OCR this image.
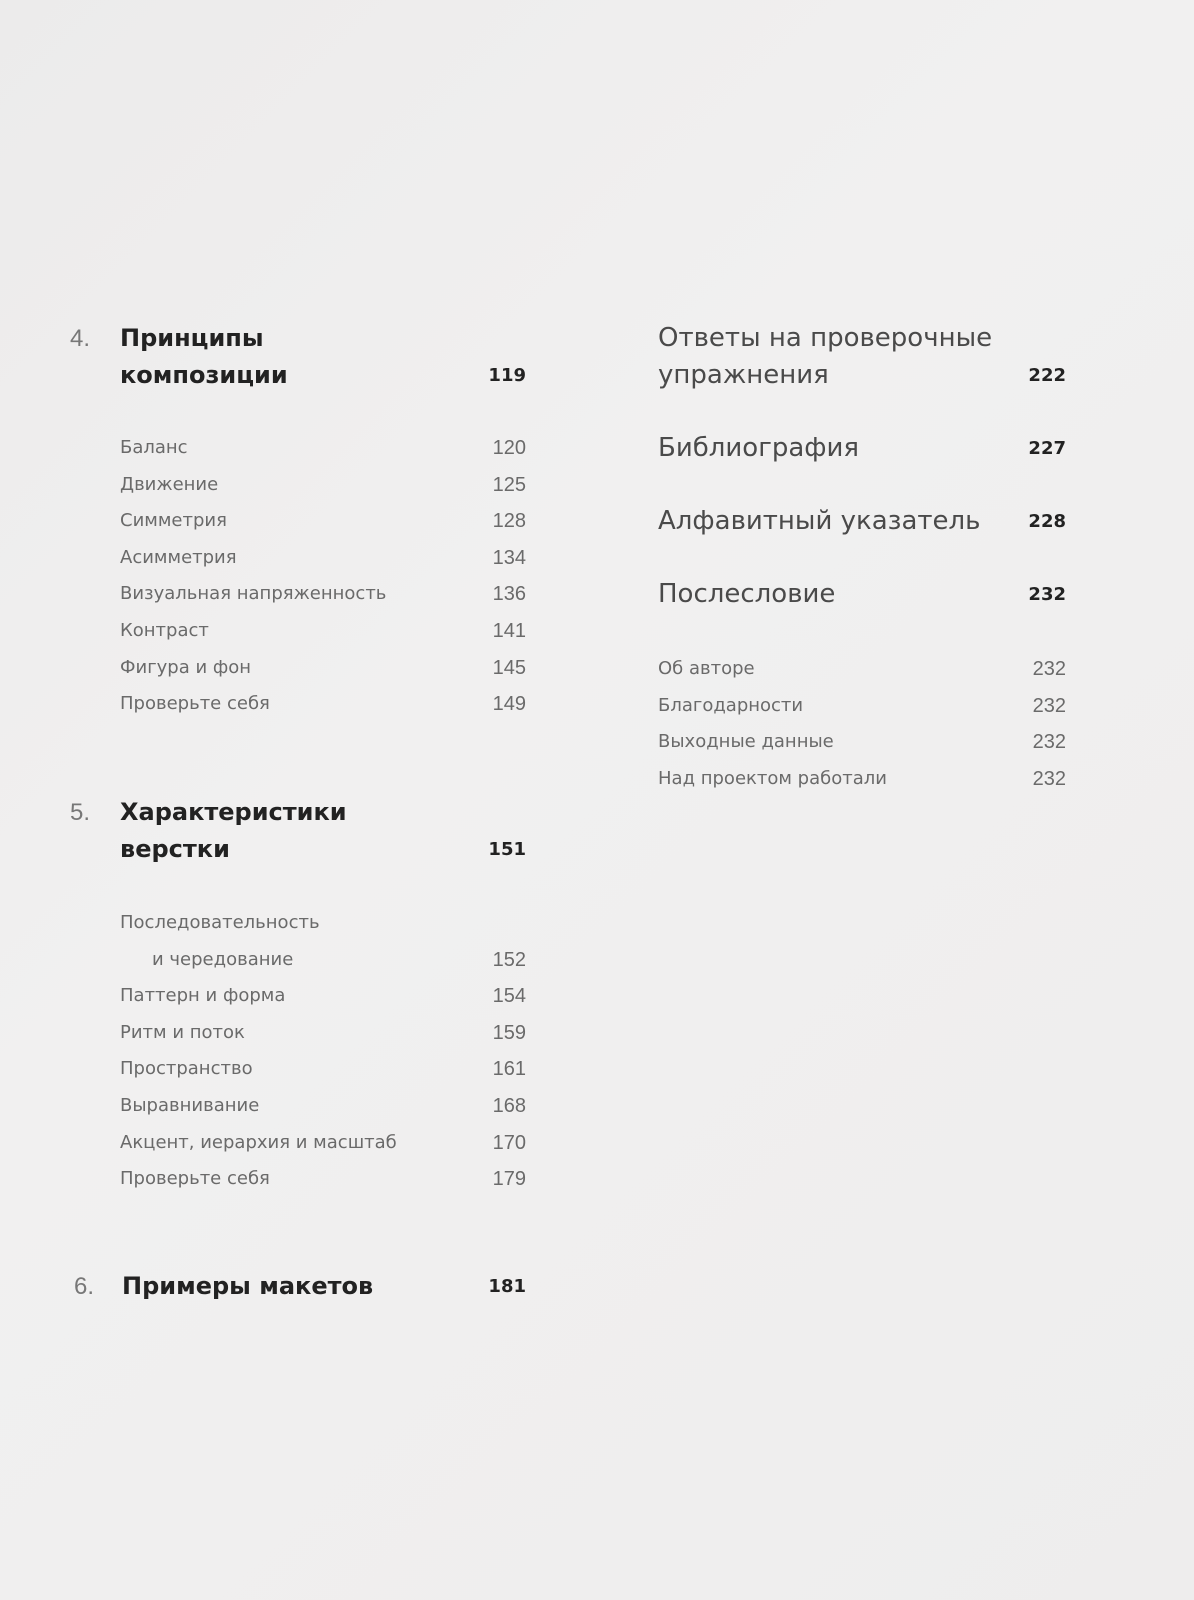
4. Принципы
композиции	119
Баланс	120
Движение	125
Симметрия	128
Асимметрия	134
Визуальная напряженность	136
Контраст	141
Фигура и фон	145
Проверьте себя	149
5. Характеристики
верстки	151
Последовательность
и чередование	152
Паттерн и форма	154
Ритм и поток	159
Пространство	161
Выравнивание	168
Акцент, иерархия и масштаб	170
Проверьте себя	179
6. Примеры макетов	181
Ответы на проверочные
упражнения	222
Библиография	227
Алфавитный указатель	228
Послесловие	232
Об авторе	232
Благодарности	232
Выходные данные	232
Над проектом работали	232
